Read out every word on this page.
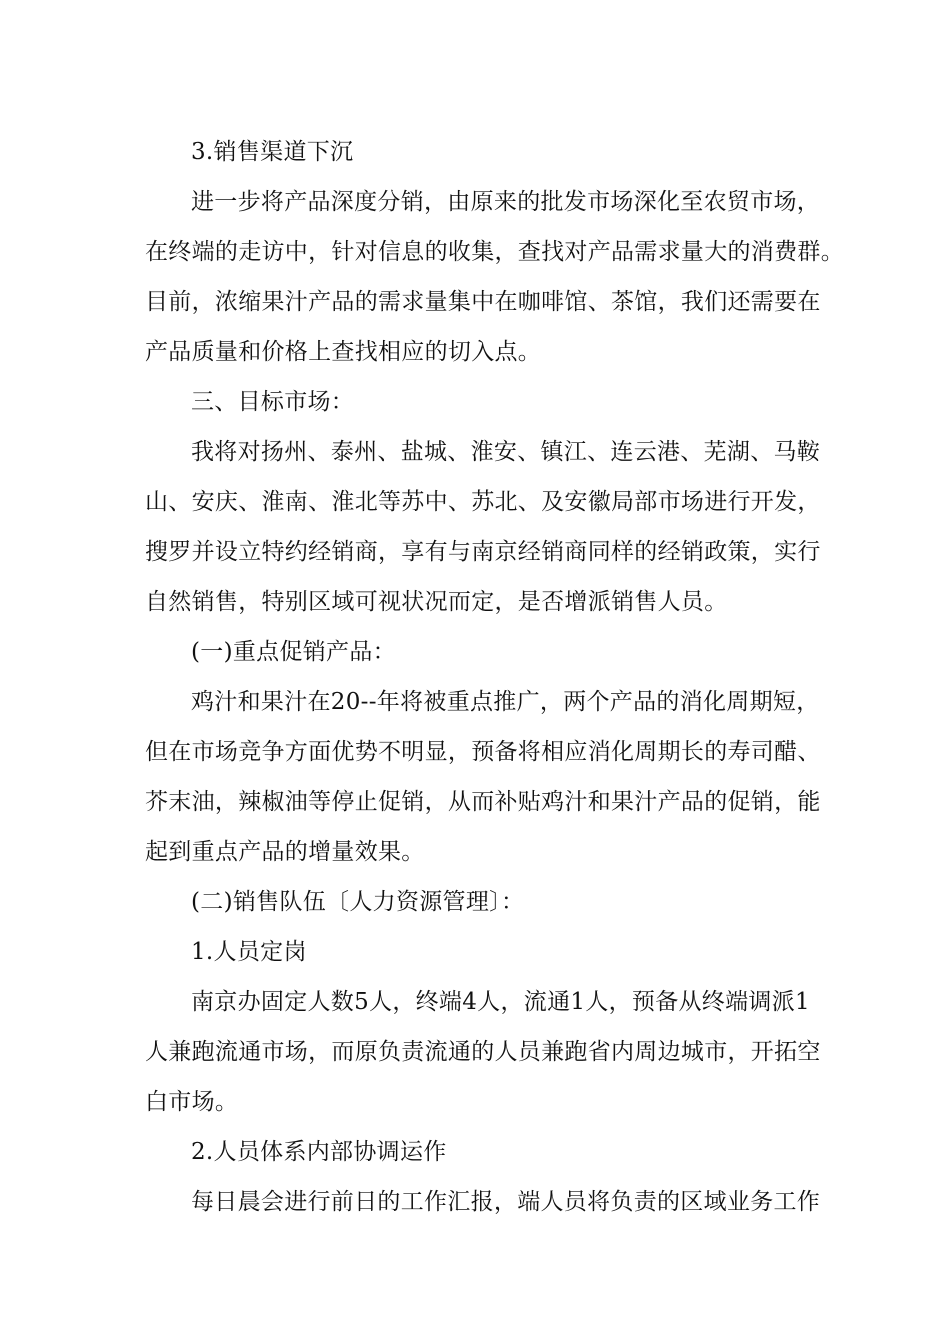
3.销售渠道下沉
进一步将产品深度分销，由原来的批发市场深化至农贸市场，
在终端的走访中，针对信息的收集，查找对产品需求量大的消费群。
目前，浓缩果汁产品的需求量集中在咖啡馆、茶馆，我们还需要在
产品质量和价格上查找相应的切入点。
三、目标市场：
我将对扬州、泰州、盐城、淮安、镇江、连云港、芜湖、马鞍
山、安庆、淮南、淮北等苏中、苏北、及安徽局部市场进行开发，
搜罗并设立特约经销商，享有与南京经销商同样的经销政策，实行
自然销售，特别区域可视状况而定，是否增派销售人员。
(一)重点促销产品：
鸡汁和果汁在20--年将被重点推广，两个产品的消化周期短，
但在市场竞争方面优势不明显，预备将相应消化周期长的寿司醋、
芥末油，辣椒油等停止促销，从而补贴鸡汁和果汁产品的促销，能
起到重点产品的增量效果。
(二)销售队伍〔人力资源管理〕：
1.人员定岗
南京办固定人数5人，终端4人，流通1人，预备从终端调派1
人兼跑流通市场，而原负责流通的人员兼跑省内周边城市，开拓空
白市场。
2.人员体系内部协调运作
每日晨会进行前日的工作汇报，端人员将负责的区域业务工作
